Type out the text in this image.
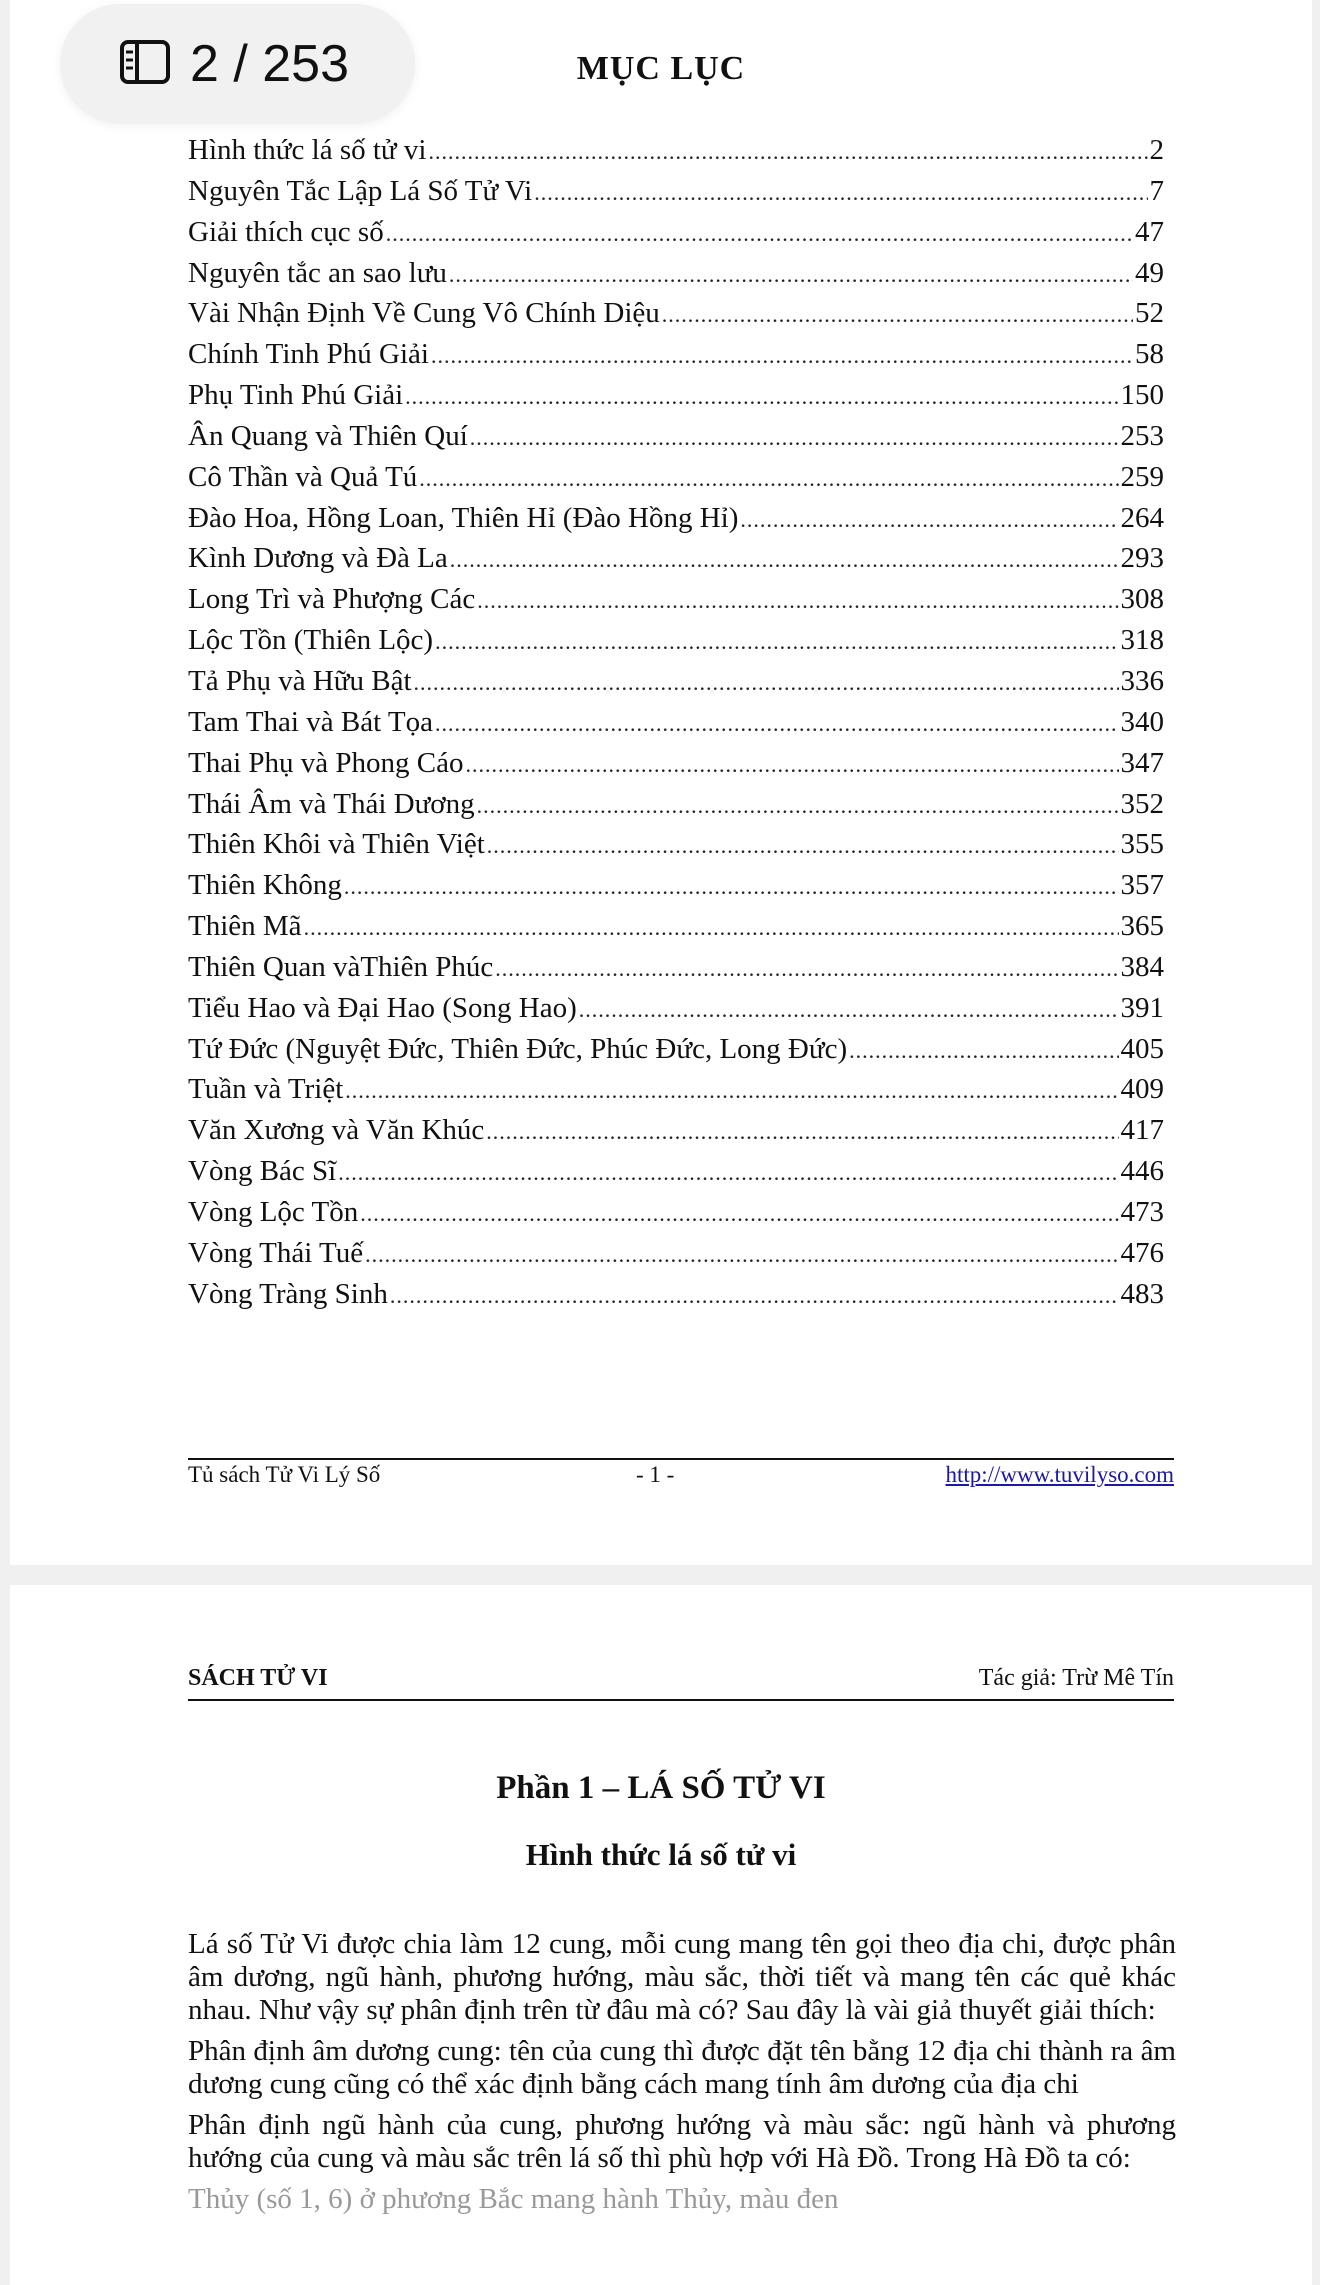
MỤC LỤC
Hình thức lá số tử vi .....	2
Nguyên Tắc Lập Lá Số Tử Vi .....	7
Giải thích cục số .....	47
Nguyên tắc an sao lưu .....	49
Vài Nhận Định Về Cung Vô Chính Diệu .....	52
Chính Tinh Phú Giải .....	58
Phụ Tinh Phú Giải .....	150
Ân Quang và Thiên Quí .....	253
Cô Thần và Quả Tú .....	259
Đào Hoa, Hồng Loan, Thiên Hỉ (Đào Hồng Hỉ) .....	264
Kình Dương và Đà La .....	293
Long Trì và Phượng Các .....	308
Lộc Tồn (Thiên Lộc) .....	318
Tả Phụ và Hữu Bật .....	336
Tam Thai và Bát Tọa .....	340
Thai Phụ và Phong Cáo .....	347
Thái Âm và Thái Dương .....	352
Thiên Khôi và Thiên Việt .....	355
Thiên Không .....	357
Thiên Mã .....	365
Thiên Quan vàThiên Phúc .....	384
Tiểu Hao và Đại Hao (Song Hao) .....	391
Tứ Đức (Nguyệt Đức, Thiên Đức, Phúc Đức, Long Đức) .....	405
Tuần và Triệt .....	409
Văn Xương và Văn Khúc .....	417
Vòng Bác Sĩ .....	446
Vòng Lộc Tồn .....	473
Vòng Thái Tuế .....	476
Vòng Tràng Sinh .....	483
Tủ sách Tử Vi Lý Số	- 1 -	http://www.tuvilyso.com
SÁCH TỬ VI	Tác giả: Trừ Mê Tín
Phần 1 – LÁ SỐ TỬ VI
Hình thức lá số tử vi

Lá số Tử Vi được chia làm 12 cung, mỗi cung mang tên gọi theo địa chi, được phân âm dương, ngũ hành, phương hướng, màu sắc, thời tiết và mang tên các quẻ khác nhau. Như vậy sự phân định trên từ đâu mà có? Sau đây là vài giả thuyết giải thích:

Phân định âm dương cung: tên của cung thì được đặt tên bằng 12 địa chi thành ra âm dương cung cũng có thể xác định bằng cách mang tính âm dương của địa chi

Phân định ngũ hành của cung, phương hướng và màu sắc: ngũ hành và phương hướng của cung và màu sắc trên lá số thì phù hợp với Hà Đồ. Trong Hà Đồ ta có:

Thủy (số 1, 6) ở phương Bắc mang hành Thủy, màu đen

2 / 253
